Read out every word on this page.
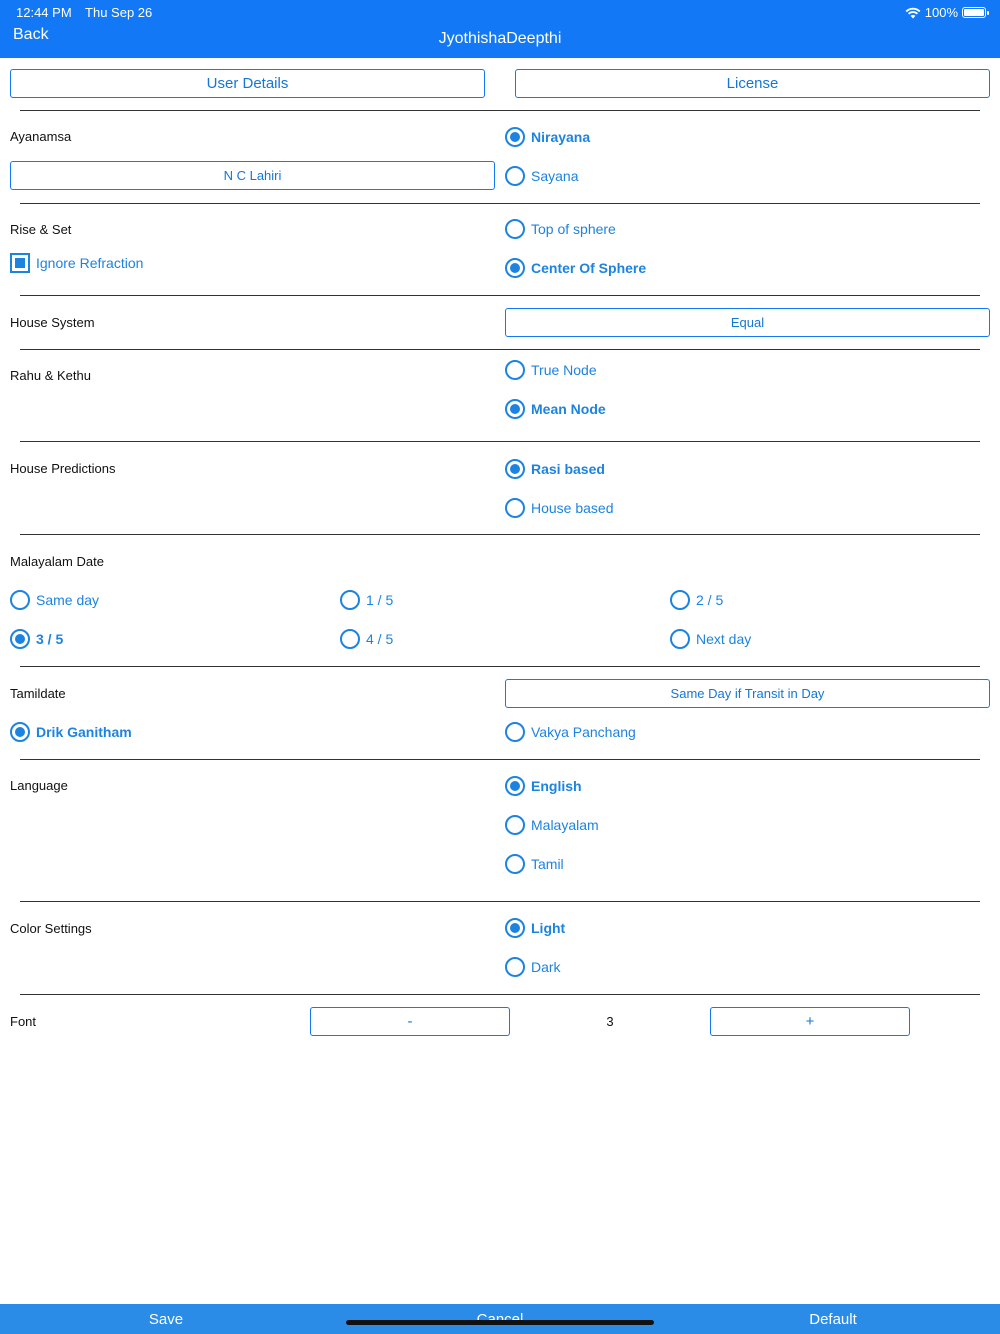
12:44 PM Thu Sep 26	100%
Back	JyothishaDeepthi
User Details	License
Ayanamsa
N C Lahiri
Nirayana
Sayana
Rise & Set
Ignore Refraction
Top of sphere
Center Of Sphere
House System	Equal
Rahu & Kethu	True Node
Mean Node
House Predictions	Rasi based
House based
Malayalam Date
Same day	1 / 5	2 / 5
3 / 5	4 / 5	Next day
Tamildate	Same Day if Transit in Day
Drik Ganitham	Vakya Panchang
Language	English
Malayalam
Tamil
Color Settings	Light
Dark
Font	-	3	+
Save	Default
